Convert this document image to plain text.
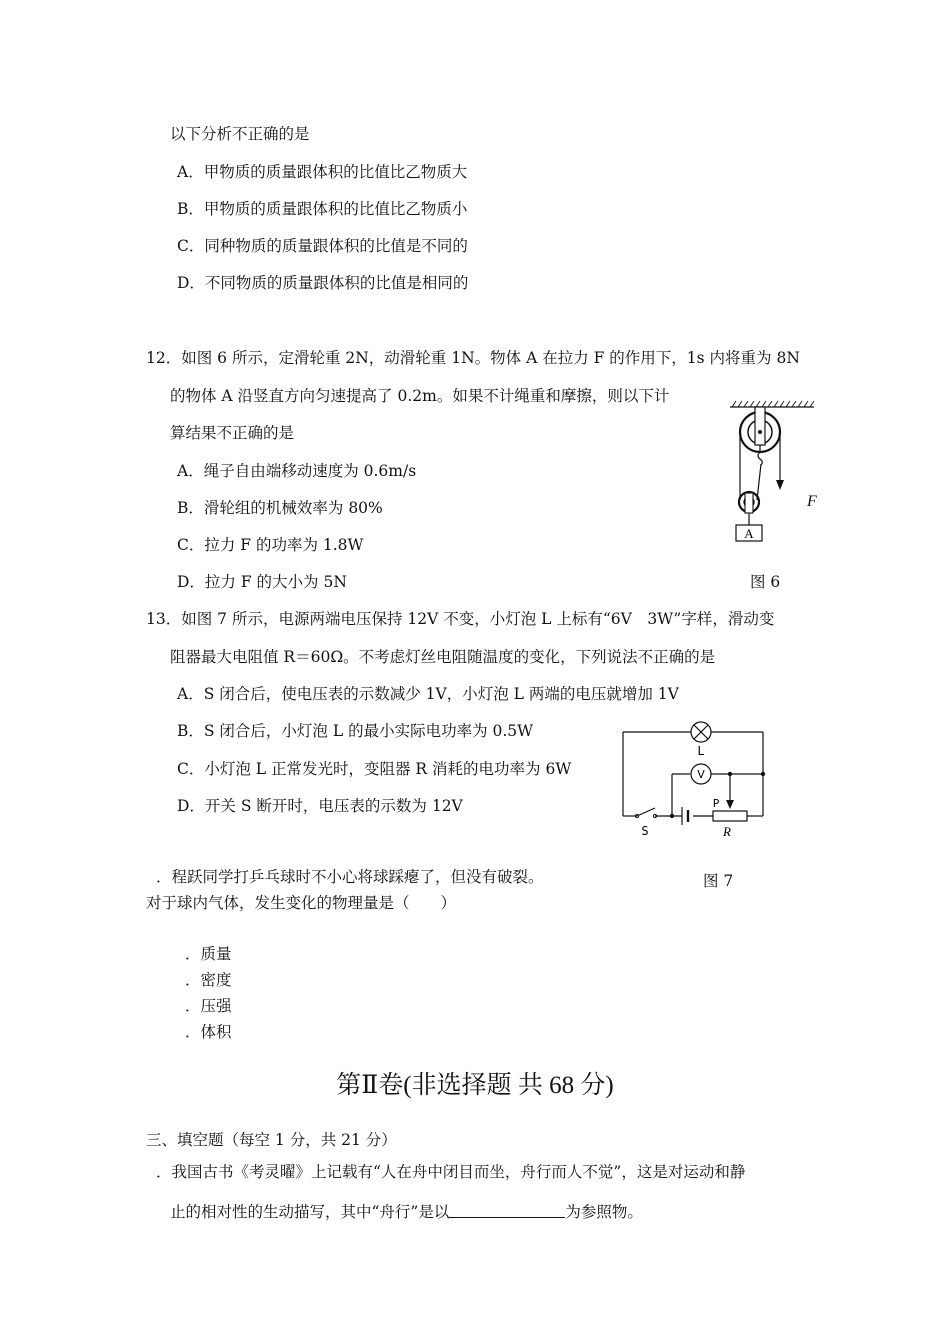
以下分析不正确的是
A．甲物质的质量跟体积的比值比乙物质大
B．甲物质的质量跟体积的比值比乙物质小
C．同种物质的质量跟体积的比值是不同的
D．不同物质的质量跟体积的比值是相同的
12．如图 6 所示，定滑轮重 2N，动滑轮重 1N。物体 A 在拉力 F 的作用下，1s 内将重为 8N
的物体 A 沿竖直方向匀速提高了 0.2m。如果不计绳重和摩擦，则以下计
算结果不正确的是
A．绳子自由端移动速度为 0.6m/s
B．滑轮组的机械效率为 80%
C．拉力 F 的功率为 1.8W
D．拉力 F 的大小为 5N
A
F
图 6
13．如图 7 所示，电源两端电压保持 12V 不变，小灯泡 L 上标有“6V　3W”字样，滑动变
阻器最大电阻值 R＝60Ω。不考虑灯丝电阻随温度的变化，下列说法不正确的是
A．S 闭合后，使电压表的示数减少 1V，小灯泡 L 两端的电压就增加 1V
B．S 闭合后，小灯泡 L 的最小实际电功率为 0.5W
C．小灯泡 L 正常发光时，变阻器 R 消耗的电功率为 6W
D．开关 S 断开时，电压表的示数为 12V
L
V
P
S	R
图 7
．程跃同学打乒乓球时不小心将球踩瘪了，但没有破裂。
对于球内气体，发生变化的物理量是（　　）
．质量
．密度
．压强
．体积
第Ⅱ卷(非选择题 共 68 分)
三、填空题（每空 1 分，共 21 分）
．我国古书《考灵曜》上记载有“人在舟中闭目而坐，舟行而人不觉”，这是对运动和静
止的相对性的生动描写，其中“舟行”是以	为参照物。
